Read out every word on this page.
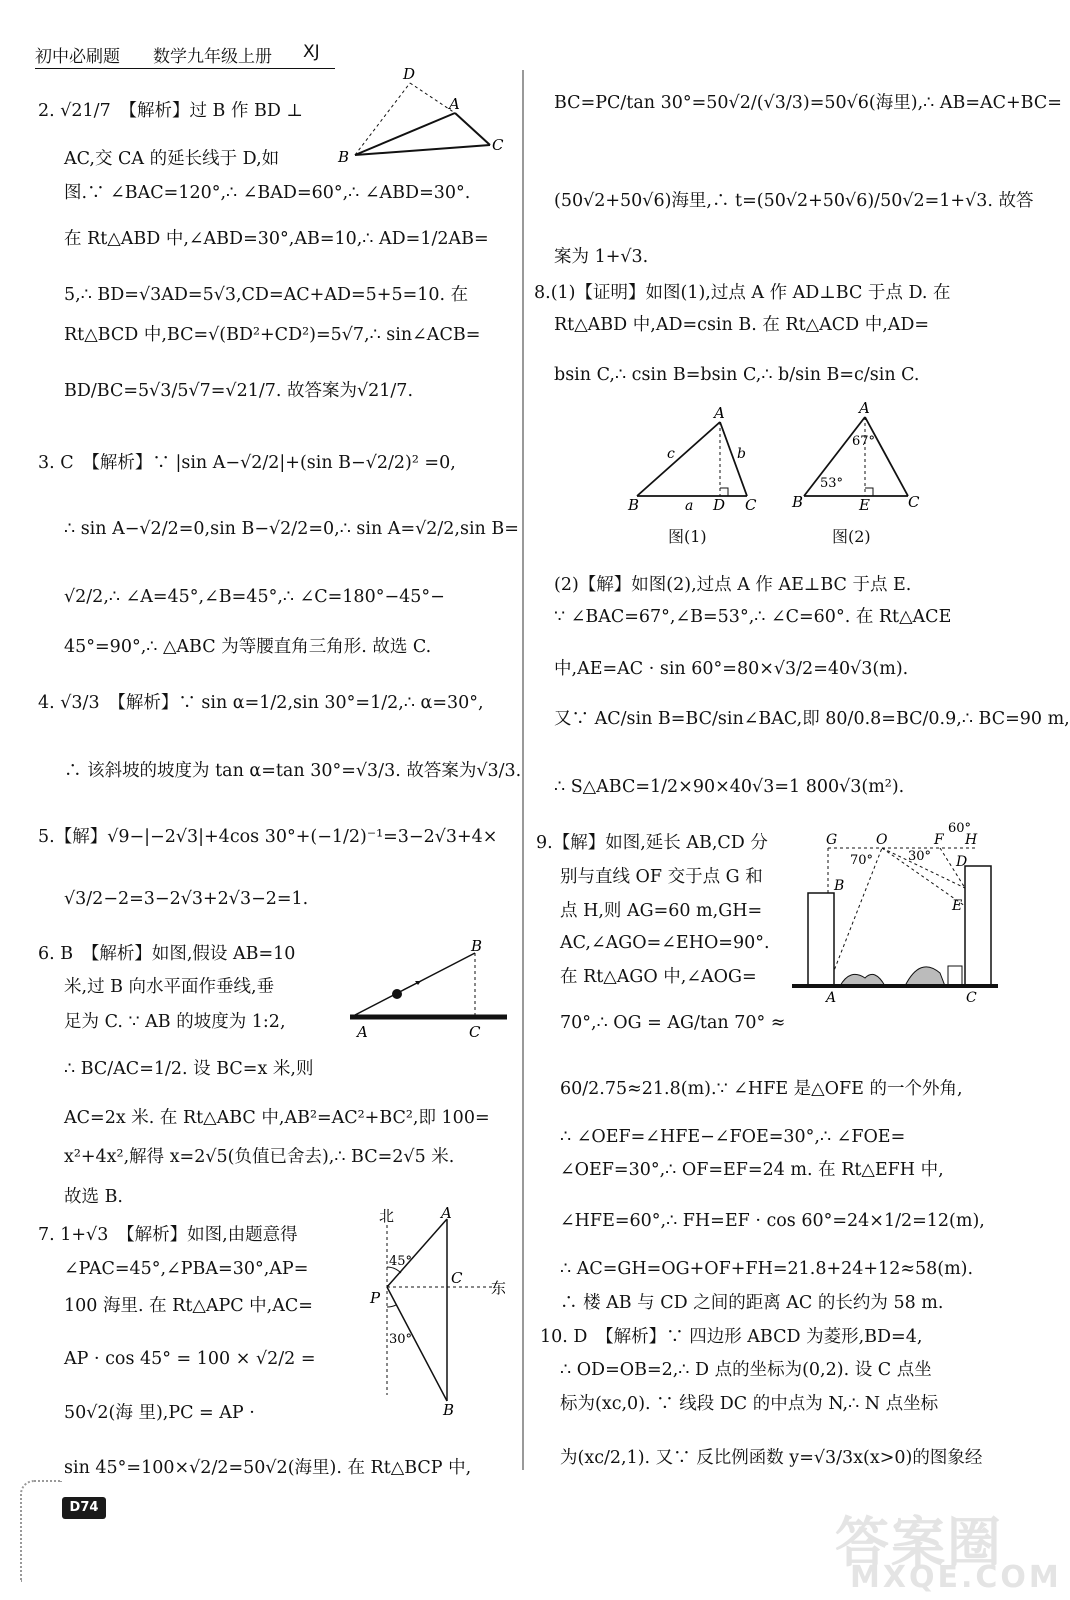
初中必刷题 数学九年级上册 XJ
2. √21/7　【解析】过 B 作 BD ⊥
AC,交 CA 的延长线于 D,如
图.∵ ∠BAC=120°,∴ ∠BAD=60°,∴ ∠ABD=30°.
在 Rt△ABD 中,∠ABD=30°,AB=10,∴ AD=1/2AB=
5,∴ BD=√3AD=5√3,CD=AC+AD=5+5=10. 在
Rt△BCD 中,BC=√(BD²+CD²)=5√7,∴ sin∠ACB=
BD/BC=5√3/5√7=√21/7. 故答案为√21/7.
3. C　【解析】∵ |sin A−√2/2|+(sin B−√2/2)² =0,
∴ sin A−√2/2=0,sin B−√2/2=0,∴ sin A=√2/2,sin B=
√2/2,∴ ∠A=45°,∠B=45°,∴ ∠C=180°−45°−
45°=90°,∴ △ABC 为等腰直角三角形. 故选 C.
4. √3/3　【解析】∵ sin α=1/2,sin 30°=1/2,∴ α=30°,
∴ 该斜坡的坡度为 tan α=tan 30°=√3/3. 故答案为√3/3.
5.【解】√9−|−2√3|+4cos 30°+(−1/2)⁻¹=3−2√3+4×
√3/2−2=3−2√3+2√3−2=1.
6. B　【解析】如图,假设 AB=10
米,过 B 向水平面作垂线,垂
足为 C. ∵ AB 的坡度为 1:2,
∴ BC/AC=1/2. 设 BC=x 米,则
AC=2x 米. 在 Rt△ABC 中,AB²=AC²+BC²,即 100=
x²+4x²,解得 x=2√5(负值已舍去),∴ BC=2√5 米.
故选 B.
7. 1+√3　【解析】如图,由题意得
∠PAC=45°,∠PBA=30°,AP=
100 海里. 在 Rt△APC 中,AC=
AP · cos 45° = 100 × √2/2 =
50√2(海 里),PC = AP ·
sin 45°=100×√2/2=50√2(海里). 在 Rt△BCP 中,
BC=PC/tan 30°=50√2/(√3/3)=50√6(海里),∴ AB=AC+BC=
(50√2+50√6)海里,∴ t=(50√2+50√6)/50√2=1+√3. 故答
案为 1+√3.
8.(1)【证明】如图(1),过点 A 作 AD⊥BC 于点 D. 在
Rt△ABD 中,AD=csin B. 在 Rt△ACD 中,AD=
bsin C,∴ csin B=bsin C,∴ b/sin B=c/sin C.
(2)【解】如图(2),过点 A 作 AE⊥BC 于点 E.
∵ ∠BAC=67°,∠B=53°,∴ ∠C=60°. 在 Rt△ACE
中,AE=AC · sin 60°=80×√3/2=40√3(m).
又∵ AC/sin B=BC/sin∠BAC,即 80/0.8=BC/0.9,∴ BC=90 m,
∴ S△ABC=1/2×90×40√3=1 800√3(m²).
9.【解】如图,延长 AB,CD 分
别与直线 OF 交于点 G 和
点 H,则 AG=60 m,GH=
AC,∠AGO=∠EHO=90°.
在 Rt△AGO 中,∠AOG=
70°,∴ OG = AG/tan 70° ≈
60/2.75≈21.8(m).∵ ∠HFE 是△OFE 的一个外角,
∴ ∠OEF=∠HFE−∠FOE=30°,∴ ∠FOE=
∠OEF=30°,∴ OF=EF=24 m. 在 Rt△EFH 中,
∠HFE=60°,∴ FH=EF · cos 60°=24×1/2=12(m),
∴ AC=GH=OG+OF+FH=21.8+24+12≈58(m).
∴ 楼 AB 与 CD 之间的距离 AC 的长约为 58 m.
10. D　【解析】∵ 四边形 ABCD 为菱形,BD=4,
∴ OD=OB=2,∴ D 点的坐标为(0,2). 设 C 点坐
标为(xc,0). ∵ 线段 DC 的中点为 N,∴ N 点坐标
为(xc/2,1). 又∵ 反比例函数 y=√3/3x(x>0)的图象经
D
A
B
C
A
B
C
北
东
A
B
C
P
45°
30°
A
B	C
D
a
b
c
图(1)
A
B	C
E
67°
53°
图(2)
G	O	F H
D
E
B
A	C
70°	30°
60°
D74
答案圈
MXQE.COM
